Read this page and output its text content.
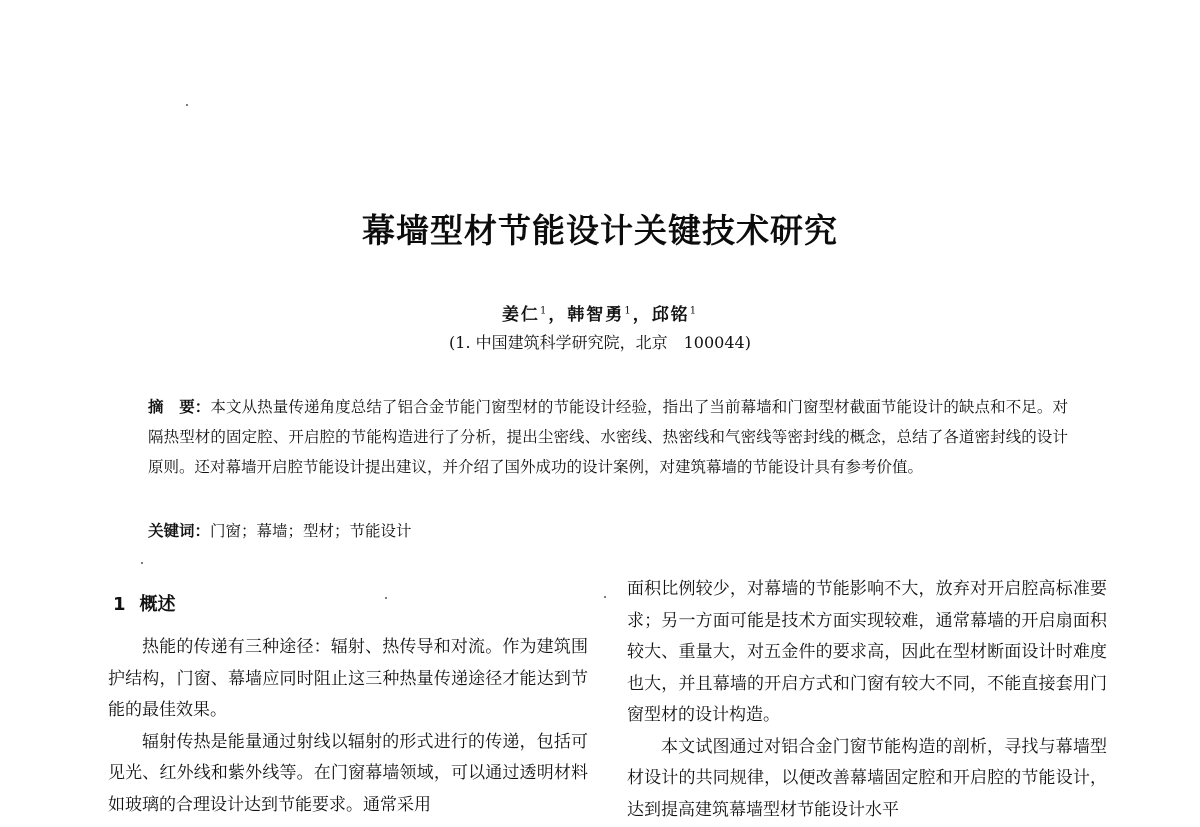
幕墙型材节能设计关键技术研究
姜仁$^1$，韩智勇$^1$，邱铭$^1$
(1. 中国建筑科学研究院，北京　100044)
摘　要：本文从热量传递角度总结了铝合金节能门窗型材的节能设计经验，指出了当前幕墙和门窗型材截面节能设计的缺点和不足。对隔热型材的固定腔、开启腔的节能构造进行了分析，提出尘密线、水密线、热密线和气密线等密封线的概念，总结了各道密封线的设计原则。还对幕墙开启腔节能设计提出建议，并介绍了国外成功的设计案例，对建筑幕墙的节能设计具有参考价值。
关键词：门窗；幕墙；型材；节能设计
1 概述

热能的传递有三种途径：辐射、热传导和对流。作为建筑围护结构，门窗、幕墙应同时阻止这三种热量传递途径才能达到节能的最佳效果。

辐射传热是能量通过射线以辐射的形式进行的传递，包括可见光、红外线和紫外线等。在门窗幕墙领域，可以通过透明材料如玻璃的合理设计达到节能要求。通常采用

面积比例较少，对幕墙的节能影响不大，放弃对开启腔高标准要求；另一方面可能是技术方面实现较难，通常幕墙的开启扇面积较大、重量大，对五金件的要求高，因此在型材断面设计时难度也大，并且幕墙的开启方式和门窗有较大不同，不能直接套用门窗型材的设计构造。

本文试图通过对铝合金门窗节能构造的剖析，寻找与幕墙型材设计的共同规律，以便改善幕墙固定腔和开启腔的节能设计，达到提高建筑幕墙型材节能设计水平
